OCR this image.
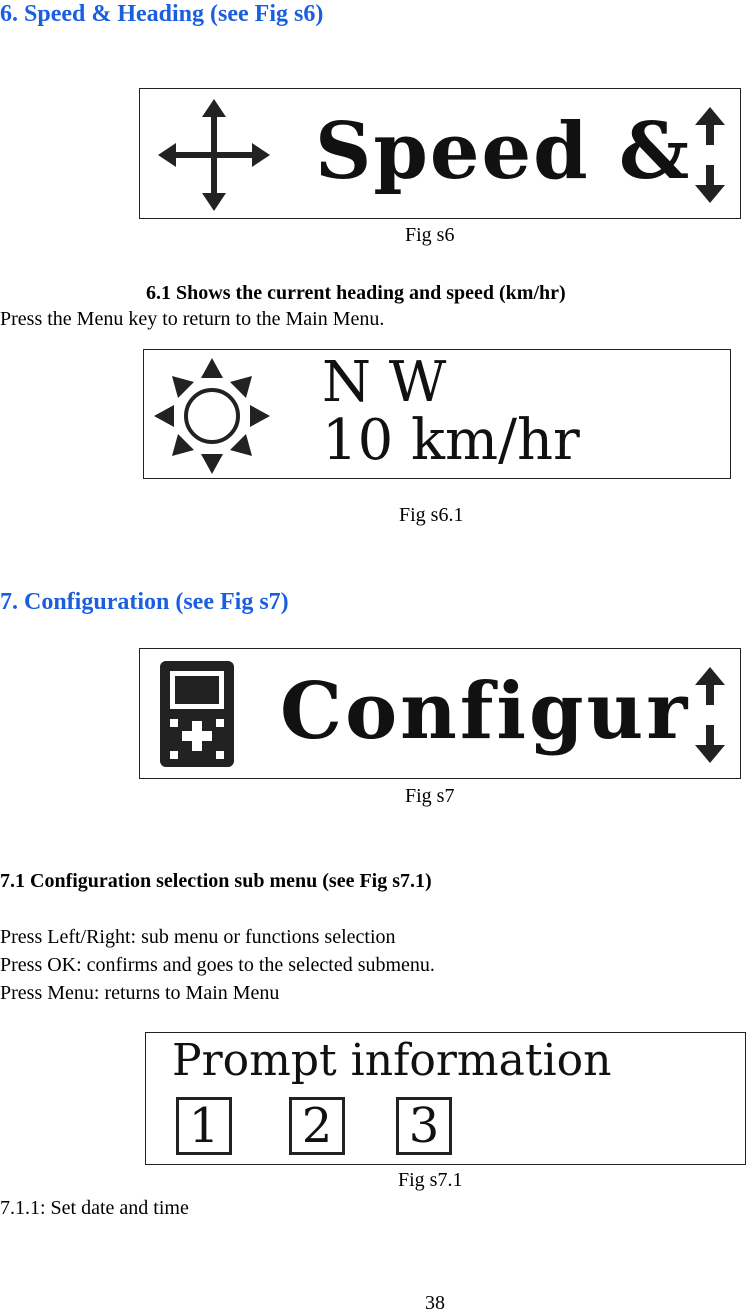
6. Speed & Heading (see Fig s6)
Speed &
Fig s6
6.1 Shows the current heading and speed (km/hr)
Press the Menu key to return to the Main Menu.
N W
10 km/hr
Fig s6.1
7. Configuration (see Fig s7)
Configur
Fig s7
7.1 Configuration selection sub menu (see Fig s7.1)
Press Left/Right: sub menu or functions selection
Press OK: confirms and goes to the selected submenu.
Press Menu: returns to Main Menu
Prompt information
1 2 3
Fig s7.1
7.1.1: Set date and time
38
